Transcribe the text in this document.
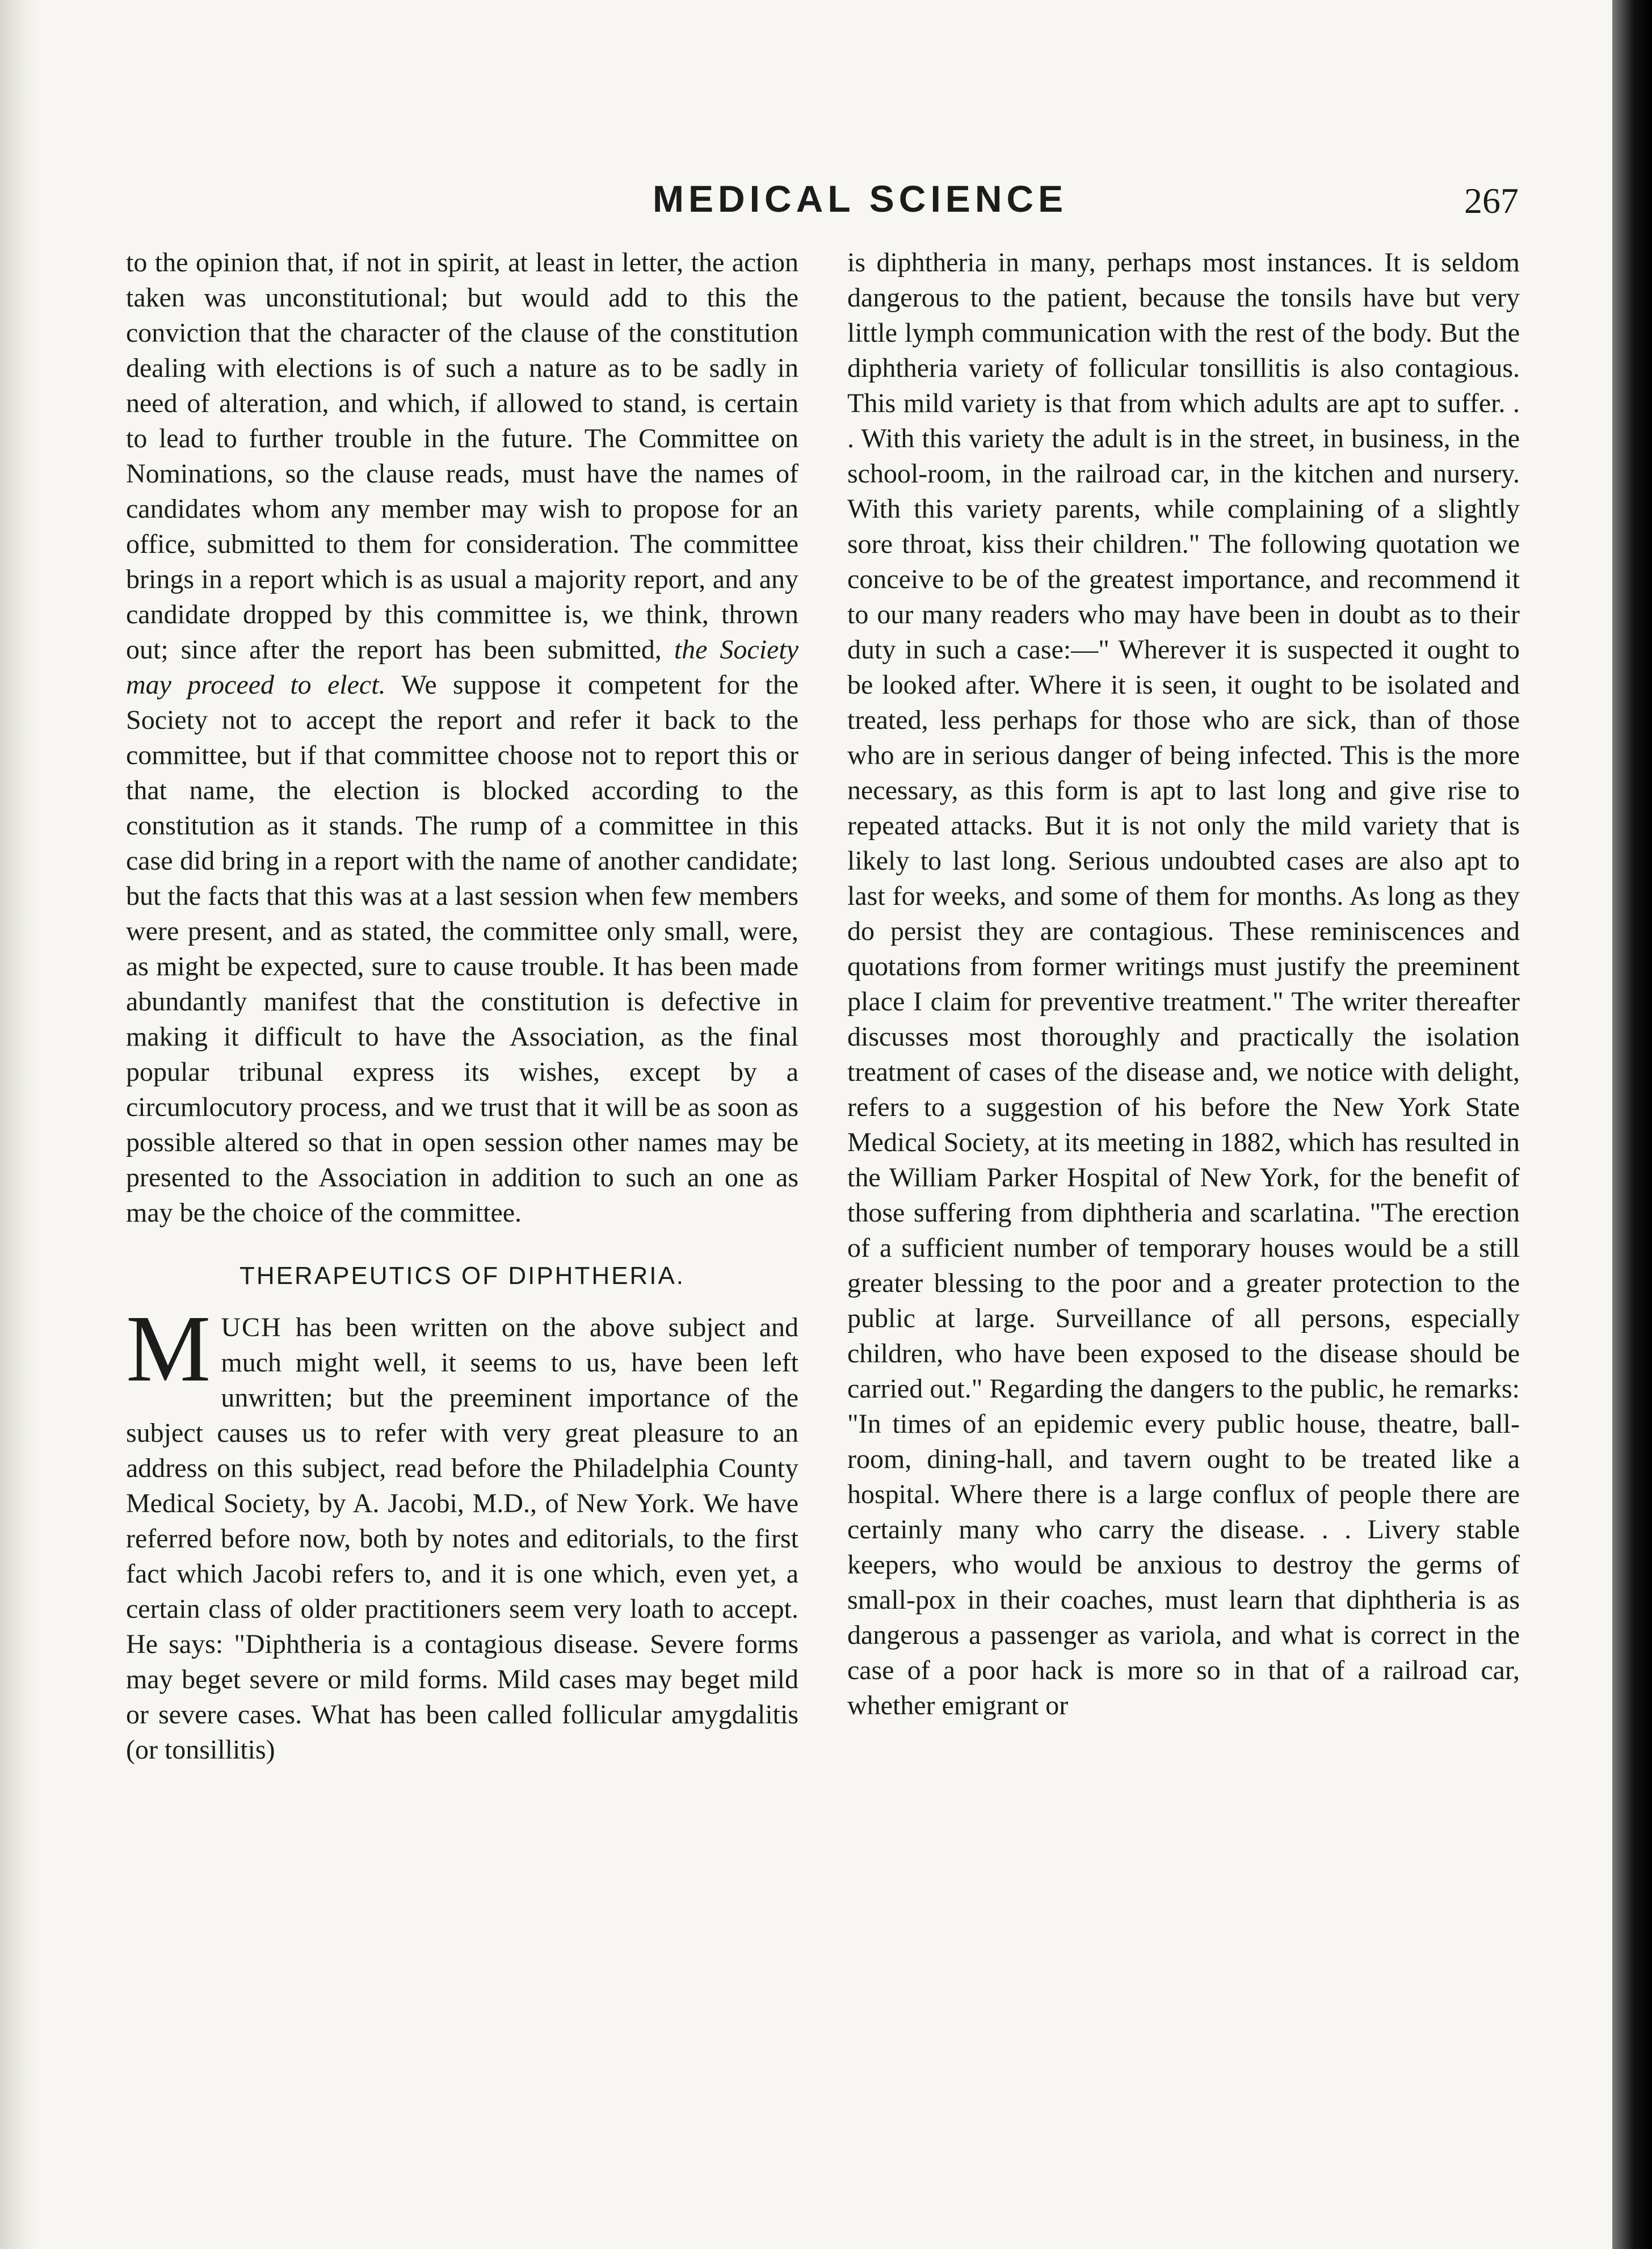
MEDICAL SCIENCE	267

to the opinion that, if not in spirit, at least in letter, the action taken was unconstitutional; but would add to this the conviction that the character of the clause of the constitution dealing with elections is of such a nature as to be sadly in need of alteration, and which, if allowed to stand, is certain to lead to further trouble in the future. The Committee on Nominations, so the clause reads, must have the names of candidates whom any member may wish to propose for an office, submitted to them for consideration. The committee brings in a report which is as usual a majority report, and any candidate dropped by this committee is, we think, thrown out; since after the report has been submitted, the Society may proceed to elect. We suppose it competent for the Society not to accept the report and refer it back to the committee, but if that committee choose not to report this or that name, the election is blocked according to the constitution as it stands. The rump of a committee in this case did bring in a report with the name of another candidate; but the facts that this was at a last session when few members were present, and as stated, the committee only small, were, as might be expected, sure to cause trouble. It has been made abundantly manifest that the constitution is defective in making it difficult to have the Association, as the final popular tribunal express its wishes, except by a circumlocutory process, and we trust that it will be as soon as possible altered so that in open session other names may be presented to the Association in addition to such an one as may be the choice of the committee.

THERAPEUTICS OF DIPHTHERIA.

M UCH has been written on the above subject and much might well, it seems to us, have been left unwritten; but the preeminent importance of the subject causes us to refer with very great pleasure to an address on this subject, read before the Philadelphia County Medical Society, by A. Jacobi, M.D., of New York. We have referred before now, both by notes and editorials, to the first fact which Jacobi refers to, and it is one which, even yet, a certain class of older practitioners seem very loath to accept. He says: "Diphtheria is a contagious disease. Severe forms may beget severe or mild forms. Mild cases may beget mild or severe cases. What has been called follicular amygdalitis (or tonsillitis)

is diphtheria in many, perhaps most instances. It is seldom dangerous to the patient, because the tonsils have but very little lymph communication with the rest of the body. But the diphtheria variety of follicular tonsillitis is also contagious. This mild variety is that from which adults are apt to suffer. . . With this variety the adult is in the street, in business, in the school-room, in the railroad car, in the kitchen and nursery. With this variety parents, while complaining of a slightly sore throat, kiss their children." The following quotation we conceive to be of the greatest importance, and recommend it to our many readers who may have been in doubt as to their duty in such a case:—" Wherever it is suspected it ought to be looked after. Where it is seen, it ought to be isolated and treated, less perhaps for those who are sick, than of those who are in serious danger of being infected. This is the more necessary, as this form is apt to last long and give rise to repeated attacks. But it is not only the mild variety that is likely to last long. Serious undoubted cases are also apt to last for weeks, and some of them for months. As long as they do persist they are contagious. These reminiscences and quotations from former writings must justify the preeminent place I claim for preventive treatment." The writer thereafter discusses most thoroughly and practically the isolation treatment of cases of the disease and, we notice with delight, refers to a suggestion of his before the New York State Medical Society, at its meeting in 1882, which has resulted in the William Parker Hospital of New York, for the benefit of those suffering from diphtheria and scarlatina. "The erection of a sufficient number of temporary houses would be a still greater blessing to the poor and a greater protection to the public at large. Surveillance of all persons, especially children, who have been exposed to the disease should be carried out." Regarding the dangers to the public, he remarks: "In times of an epidemic every public house, theatre, ball-room, dining-hall, and tavern ought to be treated like a hospital. Where there is a large conflux of people there are certainly many who carry the disease. . . Livery stable keepers, who would be anxious to destroy the germs of small-pox in their coaches, must learn that diphtheria is as dangerous a passenger as variola, and what is correct in the case of a poor hack is more so in that of a railroad car, whether emigrant or
